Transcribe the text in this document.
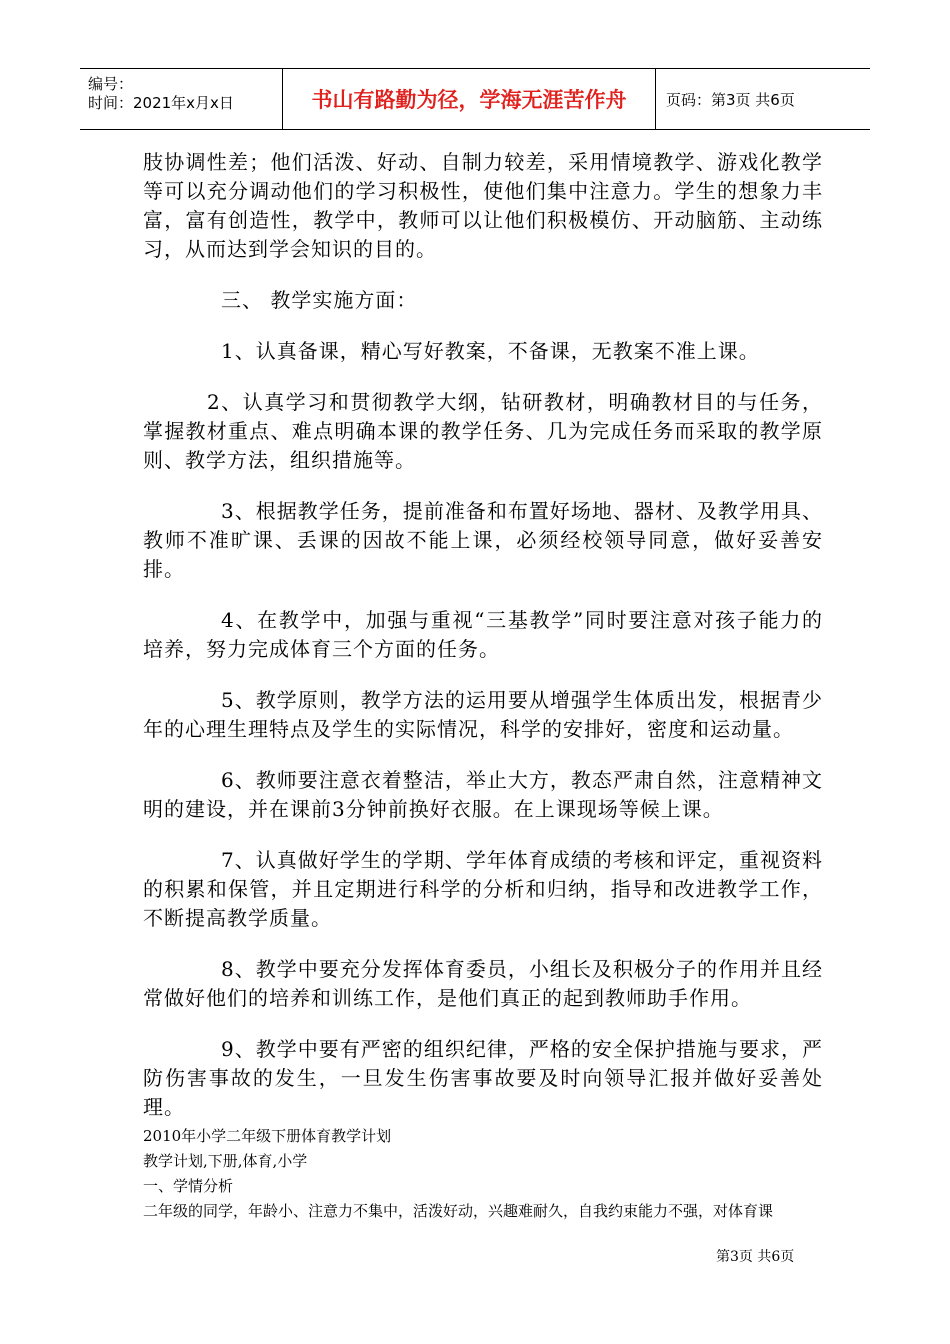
编号：
时间：2021年x月x日	书山有路勤为径，学海无涯苦作舟	页码：第3页 共6页

肢协调性差；他们活泼、好动、自制力较差，采用情境教学、游戏化教学等可以充分调动他们的学习积极性，使他们集中注意力。学生的想象力丰富，富有创造性，教学中，教师可以让他们积极模仿、开动脑筋、主动练习，从而达到学会知识的目的。

三、 教学实施方面：

1、认真备课，精心写好教案，不备课，无教案不准上课。

2、认真学习和贯彻教学大纲，钻研教材，明确教材目的与任务，掌握教材重点、难点明确本课的教学任务、几为完成任务而采取的教学原则、教学方法，组织措施等。

3、根据教学任务，提前准备和布置好场地、器材、及教学用具、教师不准旷课、丢课的因故不能上课，必须经校领导同意，做好妥善安排。

4、在教学中，加强与重视“三基教学”同时要注意对孩子能力的培养，努力完成体育三个方面的任务。

5、教学原则，教学方法的运用要从增强学生体质出发，根据青少年的心理生理特点及学生的实际情况，科学的安排好，密度和运动量。

6、教师要注意衣着整洁，举止大方，教态严肃自然，注意精神文明的建设，并在课前3分钟前换好衣服。在上课现场等候上课。

7、认真做好学生的学期、学年体育成绩的考核和评定，重视资料的积累和保管，并且定期进行科学的分析和归纳，指导和改进教学工作，不断提高教学质量。

8、教学中要充分发挥体育委员，小组长及积极分子的作用并且经常做好他们的培养和训练工作，是他们真正的起到教师助手作用。

9、教学中要有严密的组织纪律，严格的安全保护措施与要求，严防伤害事故的发生，一旦发生伤害事故要及时向领导汇报并做好妥善处理。

2010年小学二年级下册体育教学计划
教学计划,下册,体育,小学
一、学情分析
二年级的同学，年龄小、注意力不集中，活泼好动，兴趣难耐久，自我约束能力不强，对体育课
第3页 共6页
